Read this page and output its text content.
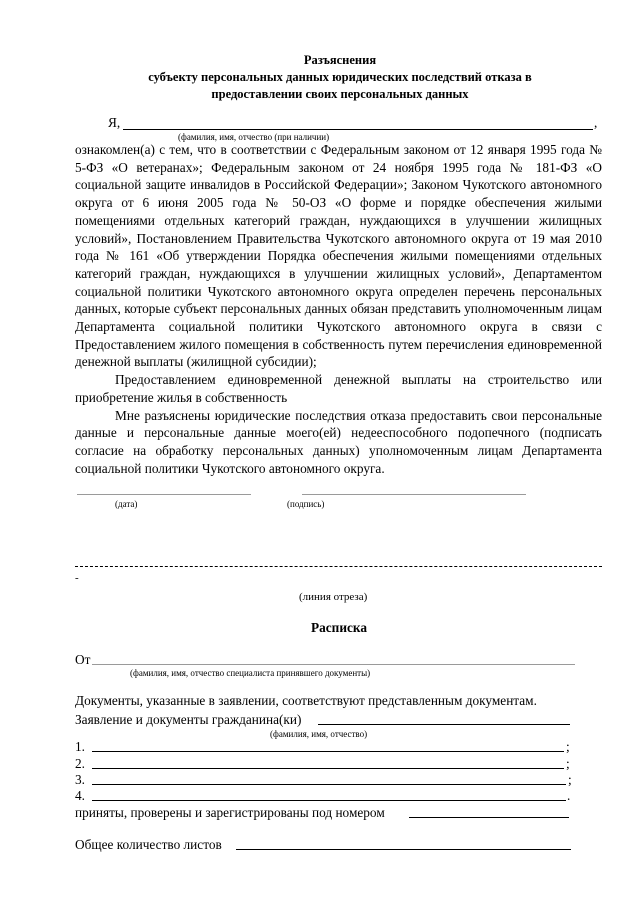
Разъяснения
субъекту персональных данных юридических последствий отказа в
предоставлении своих персональных данных
Я,	,
(фамилия, имя, отчество (при наличии)

ознакомлен(а) с тем, что в соответствии с Федеральным законом от 12 января 1995 года № 5-ФЗ «О ветеранах»; Федеральным законом от 24 ноября 1995 года № 181-ФЗ «О социальной защите инвалидов в Российской Федерации»; Законом Чукотского автономного округа от 6 июня 2005 года № 50-ОЗ «О форме и порядке обеспечения жилыми помещениями отдельных категорий граждан, нуждающихся в улучшении жилищных условий», Постановлением Правительства Чукотского автономного округа от 19 мая 2010 года № 161 «Об утверждении Порядка обеспечения жилыми помещениями отдельных категорий граждан, нуждающихся в улучшении жилищных условий», Департаментом социальной политики Чукотского автономного округа определен перечень персональных данных, которые субъект персональных данных обязан представить уполномоченным лицам Департамента социальной политики Чукотского автономного округа в связи с Предоставлением жилого помещения в собственность путем перечисления единовременной денежной выплаты (жилищной субсидии);

Предоставлением единовременной денежной выплаты на строительство или приобретение жилья в собственность

Мне разъяснены юридические последствия отказа предоставить свои персональные данные и персональные данные моего(ей) недееспособного подопечного (подписать согласие на обработку персональных данных) уполномоченным лицам Департамента социальной политики Чукотского автономного округа.

(дата)	(подпись)
-
(линия отреза)
Расписка
От
(фамилия, имя, отчество специалиста принявшего документы)
Документы, указанные в заявлении, соответствуют представленным документам.
Заявление и документы гражданина(ки)
(фамилия, имя, отчество)
1.	;
2.	;
3.	;
4.	.
приняты, проверены и зарегистрированы под номером
Общее количество листов
